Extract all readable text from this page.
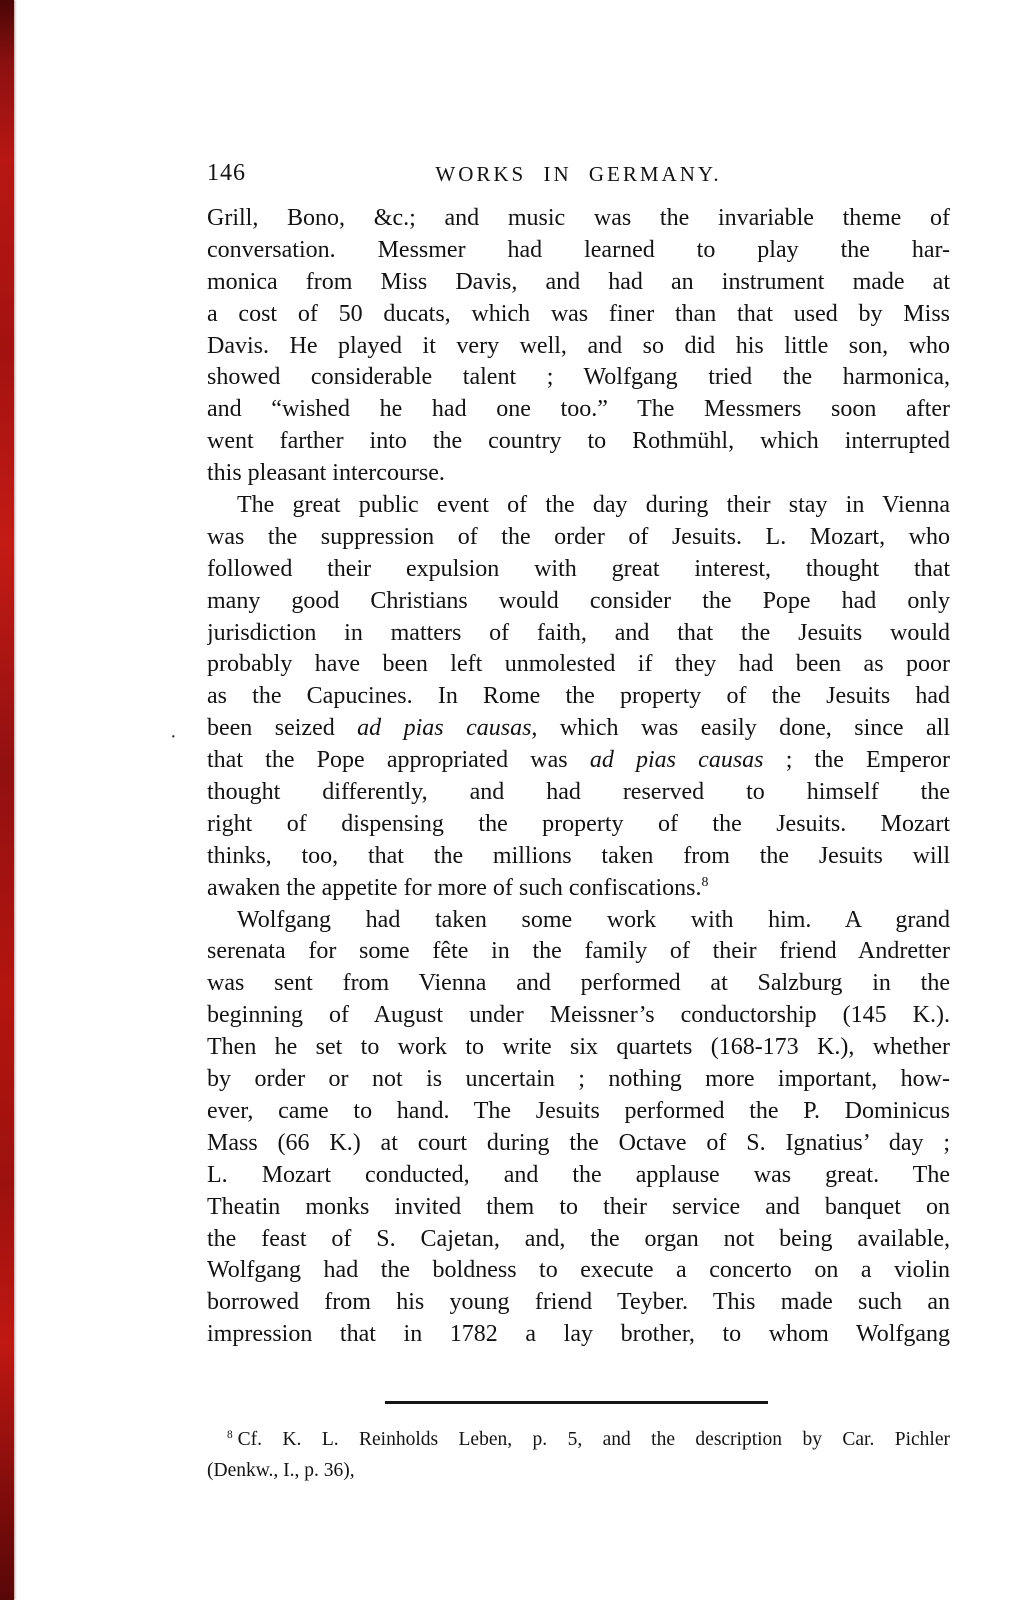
146	WORKS IN GERMANY.
·
Grill, Bono, &c.; and music was the invariable theme of
conversation. Messmer had learned to play the har-
monica from Miss Davis, and had an instrument made at
a cost of 50 ducats, which was finer than that used by Miss
Davis. He played it very well, and so did his little son, who
showed considerable talent ; Wolfgang tried the harmonica,
and “wished he had one too.” The Messmers soon after
went farther into the country to Rothmühl, which interrupted
this pleasant intercourse.
The great public event of the day during their stay in Vienna
was the suppression of the order of Jesuits. L. Mozart, who
followed their expulsion with great interest, thought that
many good Christians would consider the Pope had only
jurisdiction in matters of faith, and that the Jesuits would
probably have been left unmolested if they had been as poor
as the Capucines. In Rome the property of the Jesuits had
been seized ad pias causas, which was easily done, since all
that the Pope appropriated was ad pias causas ; the Emperor
thought differently, and had reserved to himself the
right of dispensing the property of the Jesuits. Mozart
thinks, too, that the millions taken from the Jesuits will
awaken the appetite for more of such confiscations.$^8$
Wolfgang had taken some work with him. A grand
serenata for some fête in the family of their friend Andretter
was sent from Vienna and performed at Salzburg in the
beginning of August under Meissner’s conductorship (145 K.).
Then he set to work to write six quartets (168-173 K.), whether
by order or not is uncertain ; nothing more important, how-
ever, came to hand. The Jesuits performed the P. Dominicus
Mass (66 K.) at court during the Octave of S. Ignatius’ day ;
L. Mozart conducted, and the applause was great. The
Theatin monks invited them to their service and banquet on
the feast of S. Cajetan, and, the organ not being available,
Wolfgang had the boldness to execute a concerto on a violin
borrowed from his young friend Teyber. This made such an
impression that in 1782 a lay brother, to whom Wolfgang
$^8$ Cf. K. L. Reinholds Leben, p. 5, and the description by Car. Pichler
(Denkw., I., p. 36),
